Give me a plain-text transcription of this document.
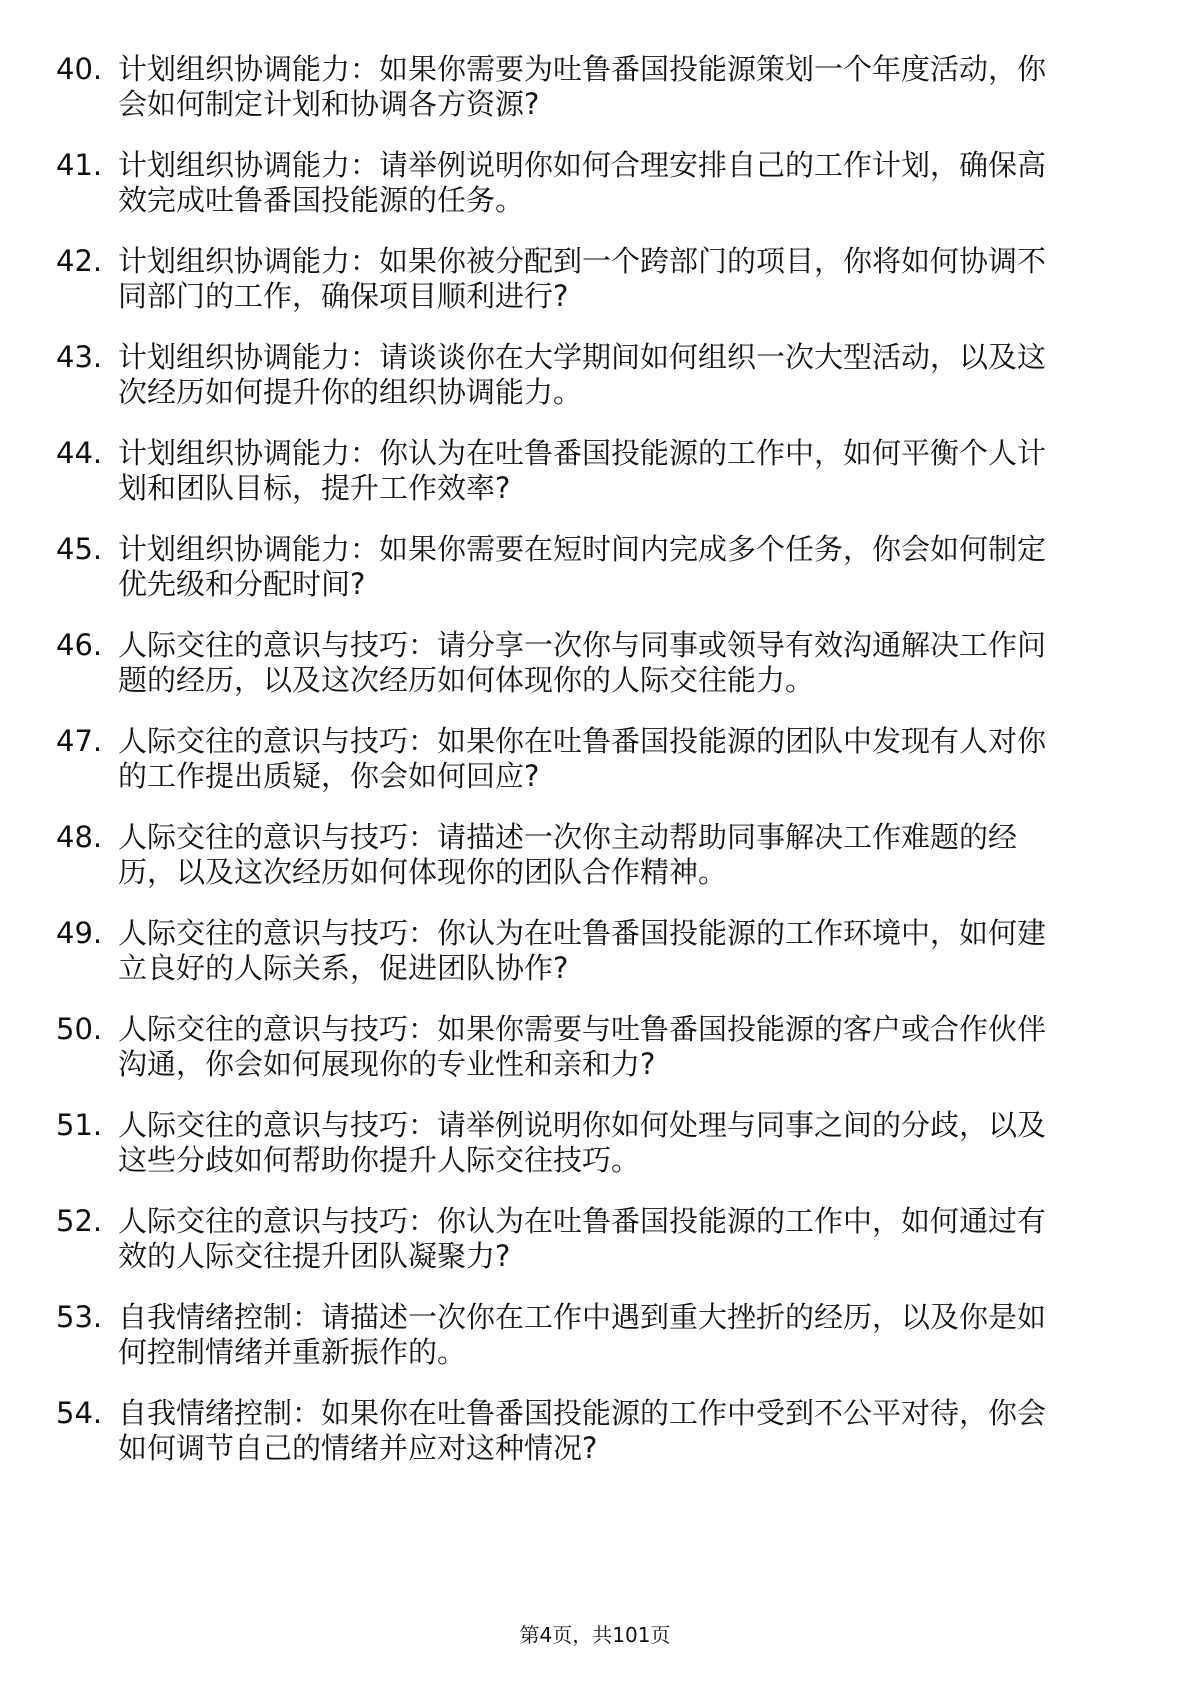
40. 计划组织协调能力：如果你需要为吐鲁番国投能源策划一个年度活动，你会如何制定计划和协调各方资源?
41. 计划组织协调能力：请举例说明你如何合理安排自己的工作计划，确保高效完成吐鲁番国投能源的任务。
42. 计划组织协调能力：如果你被分配到一个跨部门的项目，你将如何协调不同部门的工作，确保项目顺利进行?
43. 计划组织协调能力：请谈谈你在大学期间如何组织一次大型活动，以及这次经历如何提升你的组织协调能力。
44. 计划组织协调能力：你认为在吐鲁番国投能源的工作中，如何平衡个人计划和团队目标，提升工作效率?
45. 计划组织协调能力：如果你需要在短时间内完成多个任务，你会如何制定优先级和分配时间?
46. 人际交往的意识与技巧：请分享一次你与同事或领导有效沟通解决工作问题的经历，以及这次经历如何体现你的人际交往能力。
47. 人际交往的意识与技巧：如果你在吐鲁番国投能源的团队中发现有人对你的工作提出质疑，你会如何回应?
48. 人际交往的意识与技巧：请描述一次你主动帮助同事解决工作难题的经历，以及这次经历如何体现你的团队合作精神。
49. 人际交往的意识与技巧：你认为在吐鲁番国投能源的工作环境中，如何建立良好的人际关系，促进团队协作?
50. 人际交往的意识与技巧：如果你需要与吐鲁番国投能源的客户或合作伙伴沟通，你会如何展现你的专业性和亲和力?
51. 人际交往的意识与技巧：请举例说明你如何处理与同事之间的分歧，以及这些分歧如何帮助你提升人际交往技巧。
52. 人际交往的意识与技巧：你认为在吐鲁番国投能源的工作中，如何通过有效的人际交往提升团队凝聚力?
53. 自我情绪控制：请描述一次你在工作中遇到重大挫折的经历，以及你是如何控制情绪并重新振作的。
54. 自我情绪控制：如果你在吐鲁番国投能源的工作中受到不公平对待，你会如何调节自己的情绪并应对这种情况?
第4页，共101页
